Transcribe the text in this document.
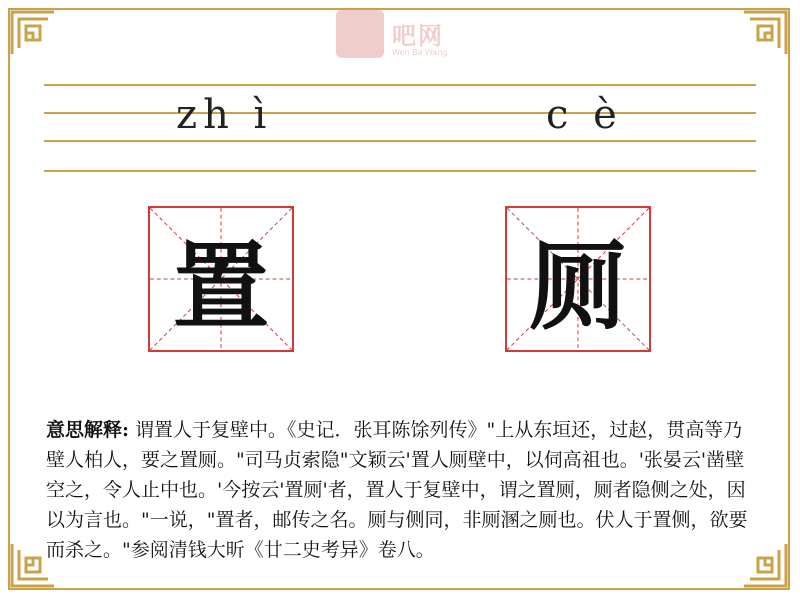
吧网
Wen Ba Wang
zh ì	c è
置	厕
意思解释: 谓置人于复壁中。《史记．张耳陈馀列传》"上从东垣还，过赵，贯高等乃壁人柏人，要之置厕。"司马贞索隐"文颖云'置人厕壁中，以伺高祖也。'张晏云'凿壁空之，令人止中也。'今按云'置厕'者，置人于复壁中，谓之置厕，厕者隐侧之处，因以为言也。"一说，"置者，邮传之名。厕与侧同，非厕溷之厕也。伏人于置侧，欲要而杀之。"参阅清钱大昕《廿二史考异》卷八。
